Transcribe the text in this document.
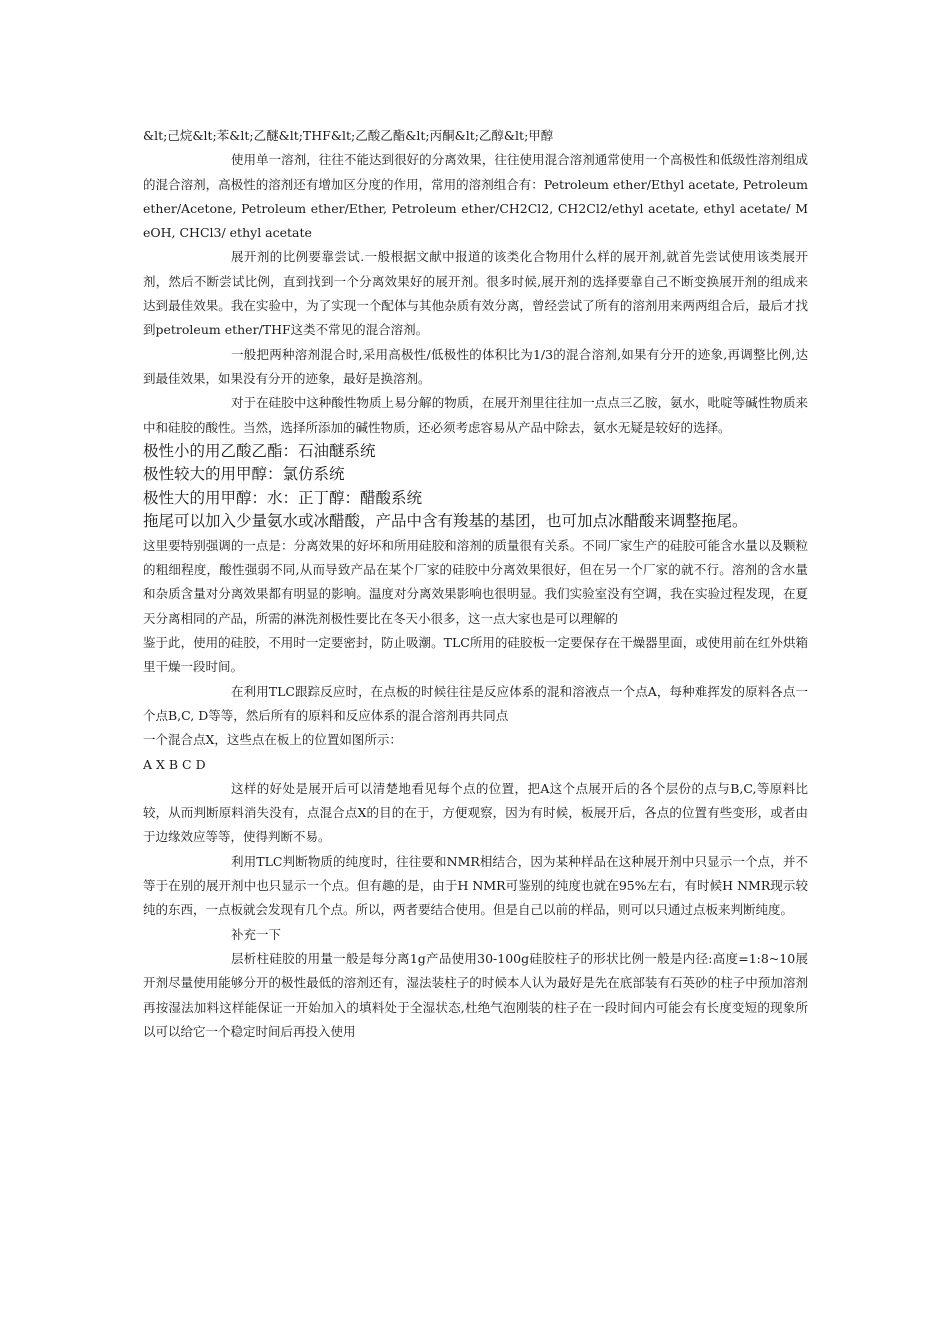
&lt;己烷&lt;苯&lt;乙醚&lt;THF&lt;乙酸乙酯&lt;丙酮&lt;乙醇&lt;甲醇

使用单一溶剂，往往不能达到很好的分离效果，往往使用混合溶剂通常使用一个高极性和低级性溶剂组成的混合溶剂，高极性的溶剂还有增加区分度的作用，常用的溶剂组合有：Petroleum ether/Ethyl acetate, Petroleum ether/Acetone, Petroleum ether/Ether, Petroleum ether/CH2Cl2, CH2Cl2/ethyl acetate, ethyl acetate/ MeOH, CHCl3/ ethyl acetate

展开剂的比例要靠尝试.一般根据文献中报道的该类化合物用什么样的展开剂,就首先尝试使用该类展开剂，然后不断尝试比例，直到找到一个分离效果好的展开剂。很多时候,展开剂的选择要靠自己不断变换展开剂的组成来达到最佳效果。我在实验中，为了实现一个配体与其他杂质有效分离，曾经尝试了所有的溶剂用来两两组合后，最后才找到petroleum ether/THF这类不常见的混合溶剂。

一般把两种溶剂混合时,采用高极性/低极性的体积比为1/3的混合溶剂,如果有分开的迹象,再调整比例,达到最佳效果，如果没有分开的迹象，最好是换溶剂。

对于在硅胶中这种酸性物质上易分解的物质，在展开剂里往往加一点点三乙胺，氨水，吡啶等碱性物质来中和硅胶的酸性。当然，选择所添加的碱性物质，还必须考虑容易从产品中除去，氨水无疑是较好的选择。

极性小的用乙酸乙酯：石油醚系统

极性较大的用甲醇：氯仿系统

极性大的用甲醇：水：正丁醇：醋酸系统

拖尾可以加入少量氨水或冰醋酸，产品中含有羧基的基团，也可加点冰醋酸来调整拖尾。

这里要特别强调的一点是：分离效果的好坏和所用硅胶和溶剂的质量很有关系。不同厂家生产的硅胶可能含水量以及颗粒的粗细程度，酸性强弱不同,从而导致产品在某个厂家的硅胶中分离效果很好，但在另一个厂家的就不行。溶剂的含水量和杂质含量对分离效果都有明显的影响。温度对分离效果影响也很明显。我们实验室没有空调，我在实验过程发现，在夏天分离相同的产品，所需的淋洗剂极性要比在冬天小很多，这一点大家也是可以理解的

鉴于此，使用的硅胶，不用时一定要密封，防止吸潮。TLC所用的硅胶板一定要保存在干燥器里面，或使用前在红外烘箱里干燥一段时间。

在利用TLC跟踪反应时，在点板的时候往往是反应体系的混和溶液点一个点A，每种难挥发的原料各点一个点B,C, D等等，然后所有的原料和反应体系的混合溶剂再共同点

一个混合点X，这些点在板上的位置如图所示：

A X B C D

这样的好处是展开后可以清楚地看见每个点的位置，把A这个点展开后的各个层份的点与B,C,等原料比较，从而判断原料消失没有，点混合点X的目的在于，方便观察，因为有时候，板展开后，各点的位置有些变形，或者由于边缘效应等等，使得判断不易。

利用TLC判断物质的纯度时，往往要和NMR相结合，因为某种样品在这种展开剂中只显示一个点，并不等于在别的展开剂中也只显示一个点。但有趣的是，由于H NMR可鉴别的纯度也就在95%左右，有时候H NMR现示较纯的东西，一点板就会发现有几个点。所以，两者要结合使用。但是自己以前的样品，则可以只通过点板来判断纯度。

补充一下

层析柱硅胶的用量一般是每分离1g产品使用30-100g硅胶柱子的形状比例一般是内径:高度=1:8~10展开剂尽量使用能够分开的极性最低的溶剂还有，湿法装柱子的时候本人认为最好是先在底部装有石英砂的柱子中预加溶剂再按湿法加料这样能保证一开始加入的填料处于全湿状态,杜绝气泡刚装的柱子在一段时间内可能会有长度变短的现象所以可以给它一个稳定时间后再投入使用
